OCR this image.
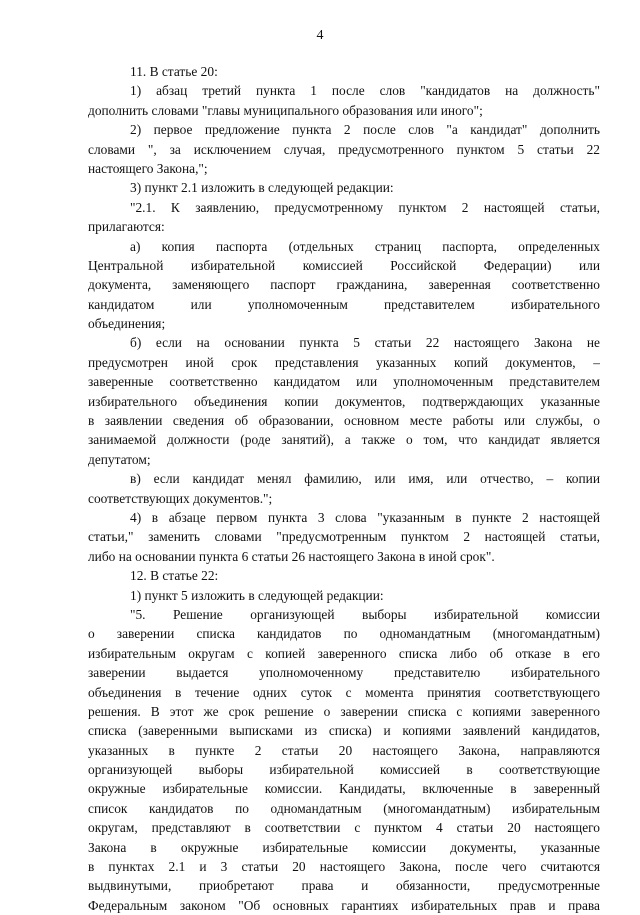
4
11. В статье 20:
1) абзац третий пункта 1 после слов "кандидатов на должность"
дополнить словами "главы муниципального образования или иного";
2) первое предложение пункта 2 после слов "а кандидат" дополнить
словами ", за исключением случая, предусмотренного пунктом 5 статьи 22
настоящего Закона,";
3) пункт 2.1 изложить в следующей редакции:
"2.1. К заявлению, предусмотренному пунктом 2 настоящей статьи,
прилагаются:
а) копия паспорта (отдельных страниц паспорта, определенных
Центральной избирательной комиссией Российской Федерации) или
документа, заменяющего паспорт гражданина, заверенная соответственно
кандидатом или уполномоченным представителем избирательного
объединения;
б) если на основании пункта 5 статьи 22 настоящего Закона не
предусмотрен иной срок представления указанных копий документов, –
заверенные соответственно кандидатом или уполномоченным представителем
избирательного объединения копии документов, подтверждающих указанные
в заявлении сведения об образовании, основном месте работы или службы, о
занимаемой должности (роде занятий), а также о том, что кандидат является
депутатом;
в) если кандидат менял фамилию, или имя, или отчество, – копии
соответствующих документов.";
4) в абзаце первом пункта 3 слова "указанным в пункте 2 настоящей
статьи," заменить словами "предусмотренным пунктом 2 настоящей статьи,
либо на основании пункта 6 статьи 26 настоящего Закона в иной срок".
12. В статье 22:
1) пункт 5 изложить в следующей редакции:
"5. Решение организующей выборы избирательной комиссии
о заверении списка кандидатов по одномандатным (многомандатным)
избирательным округам с копией заверенного списка либо об отказе в его
заверении выдается уполномоченному представителю избирательного
объединения в течение одних суток с момента принятия соответствующего
решения. В этот же срок решение о заверении списка с копиями заверенного
списка (заверенными выписками из списка) и копиями заявлений кандидатов,
указанных в пункте 2 статьи 20 настоящего Закона, направляются
организующей выборы избирательной комиссией в соответствующие
окружные избирательные комиссии. Кандидаты, включенные в заверенный
список кандидатов по одномандатным (многомандатным) избирательным
округам, представляют в соответствии с пунктом 4 статьи 20 настоящего
Закона в окружные избирательные комиссии документы, указанные
в пунктах 2.1 и 3 статьи 20 настоящего Закона, после чего считаются
выдвинутыми, приобретают права и обязанности, предусмотренные
Федеральным законом "Об основных гарантиях избирательных прав и права
